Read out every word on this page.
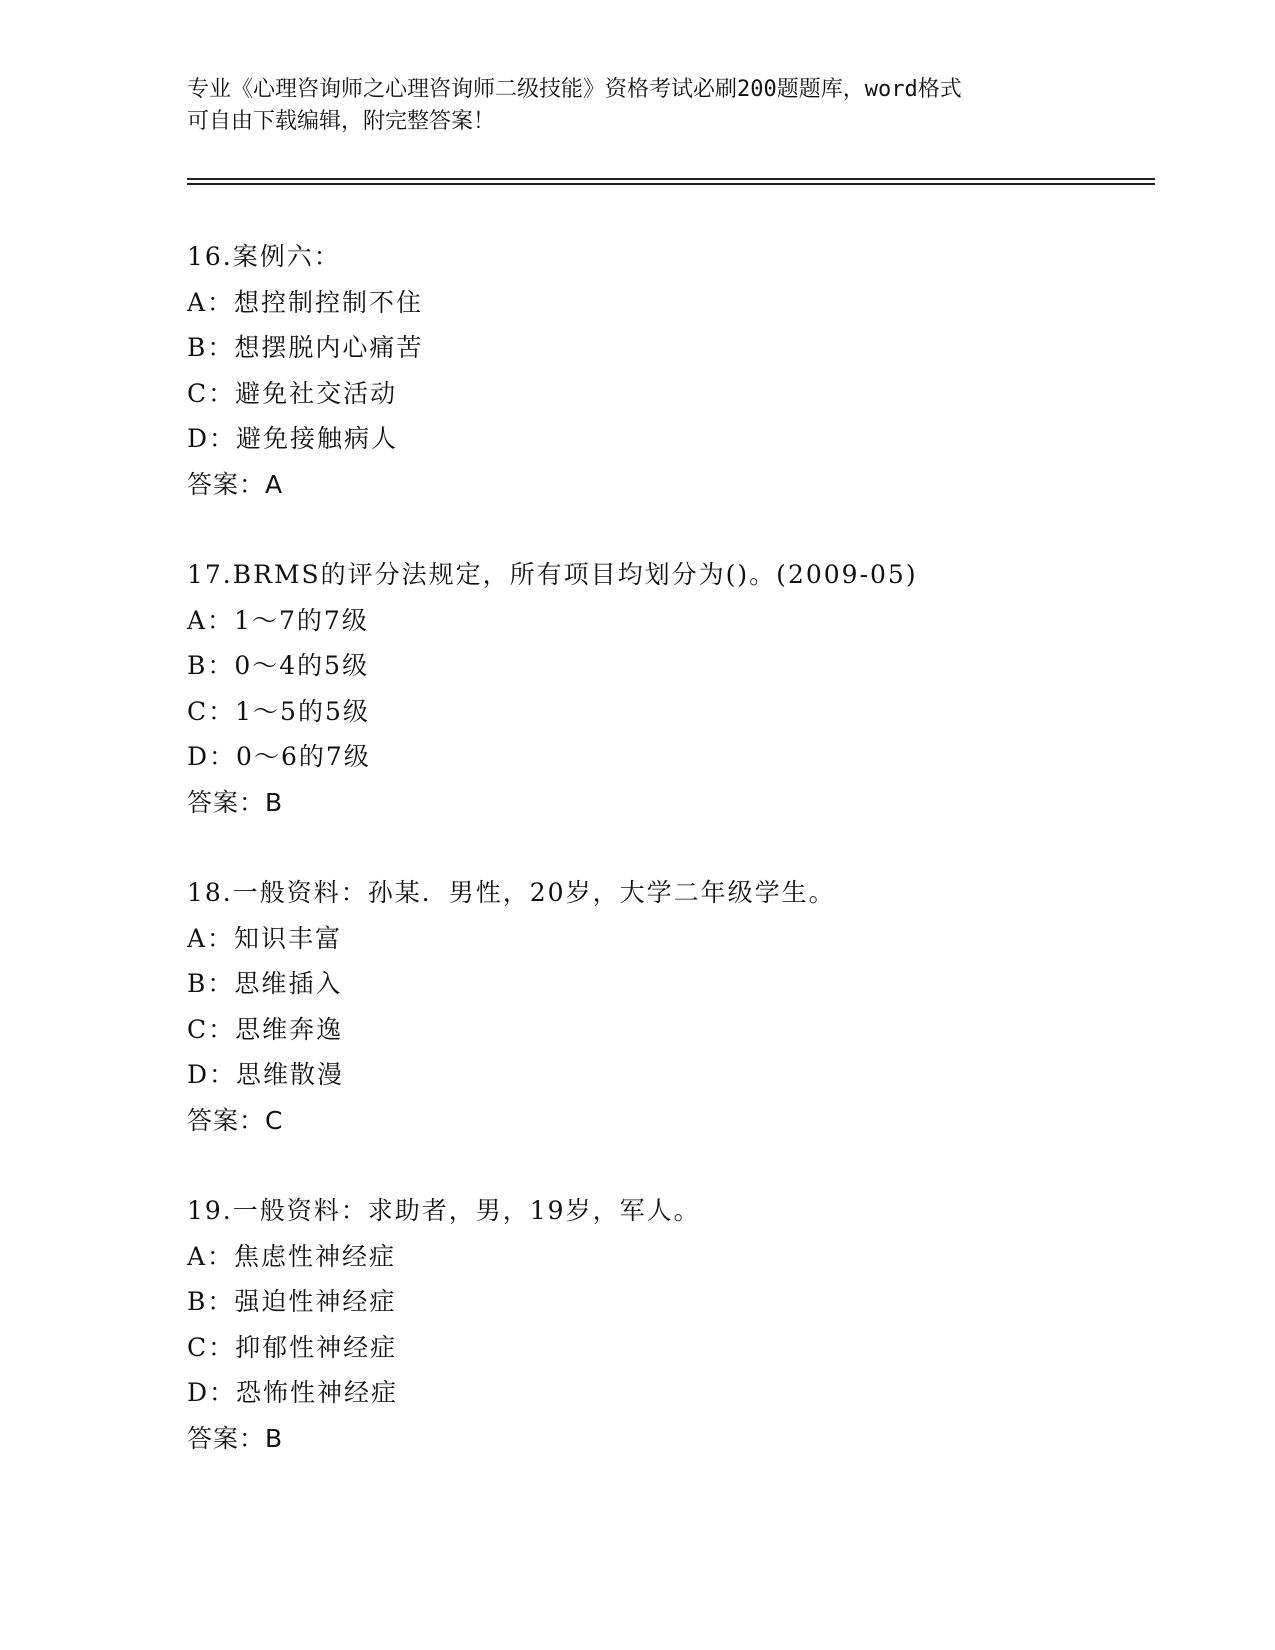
专业《心理咨询师之心理咨询师二级技能》资格考试必刷200题题库，word格式
可自由下载编辑，附完整答案！
16.案例六：
A：想控制控制不住
B：想摆脱内心痛苦
C：避免社交活动
D：避免接触病人
答案：A
17.BRMS的评分法规定，所有项目均划分为()。(2009-05)
A：1～7的7级
B：0～4的5级
C：1～5的5级
D：0～6的7级
答案：B
18.一般资料：孙某．男性，20岁，大学二年级学生。
A：知识丰富
B：思维插入
C：思维奔逸
D：思维散漫
答案：C
19.一般资料：求助者，男，19岁，军人。
A：焦虑性神经症
B：强迫性神经症
C：抑郁性神经症
D：恐怖性神经症
答案：B
